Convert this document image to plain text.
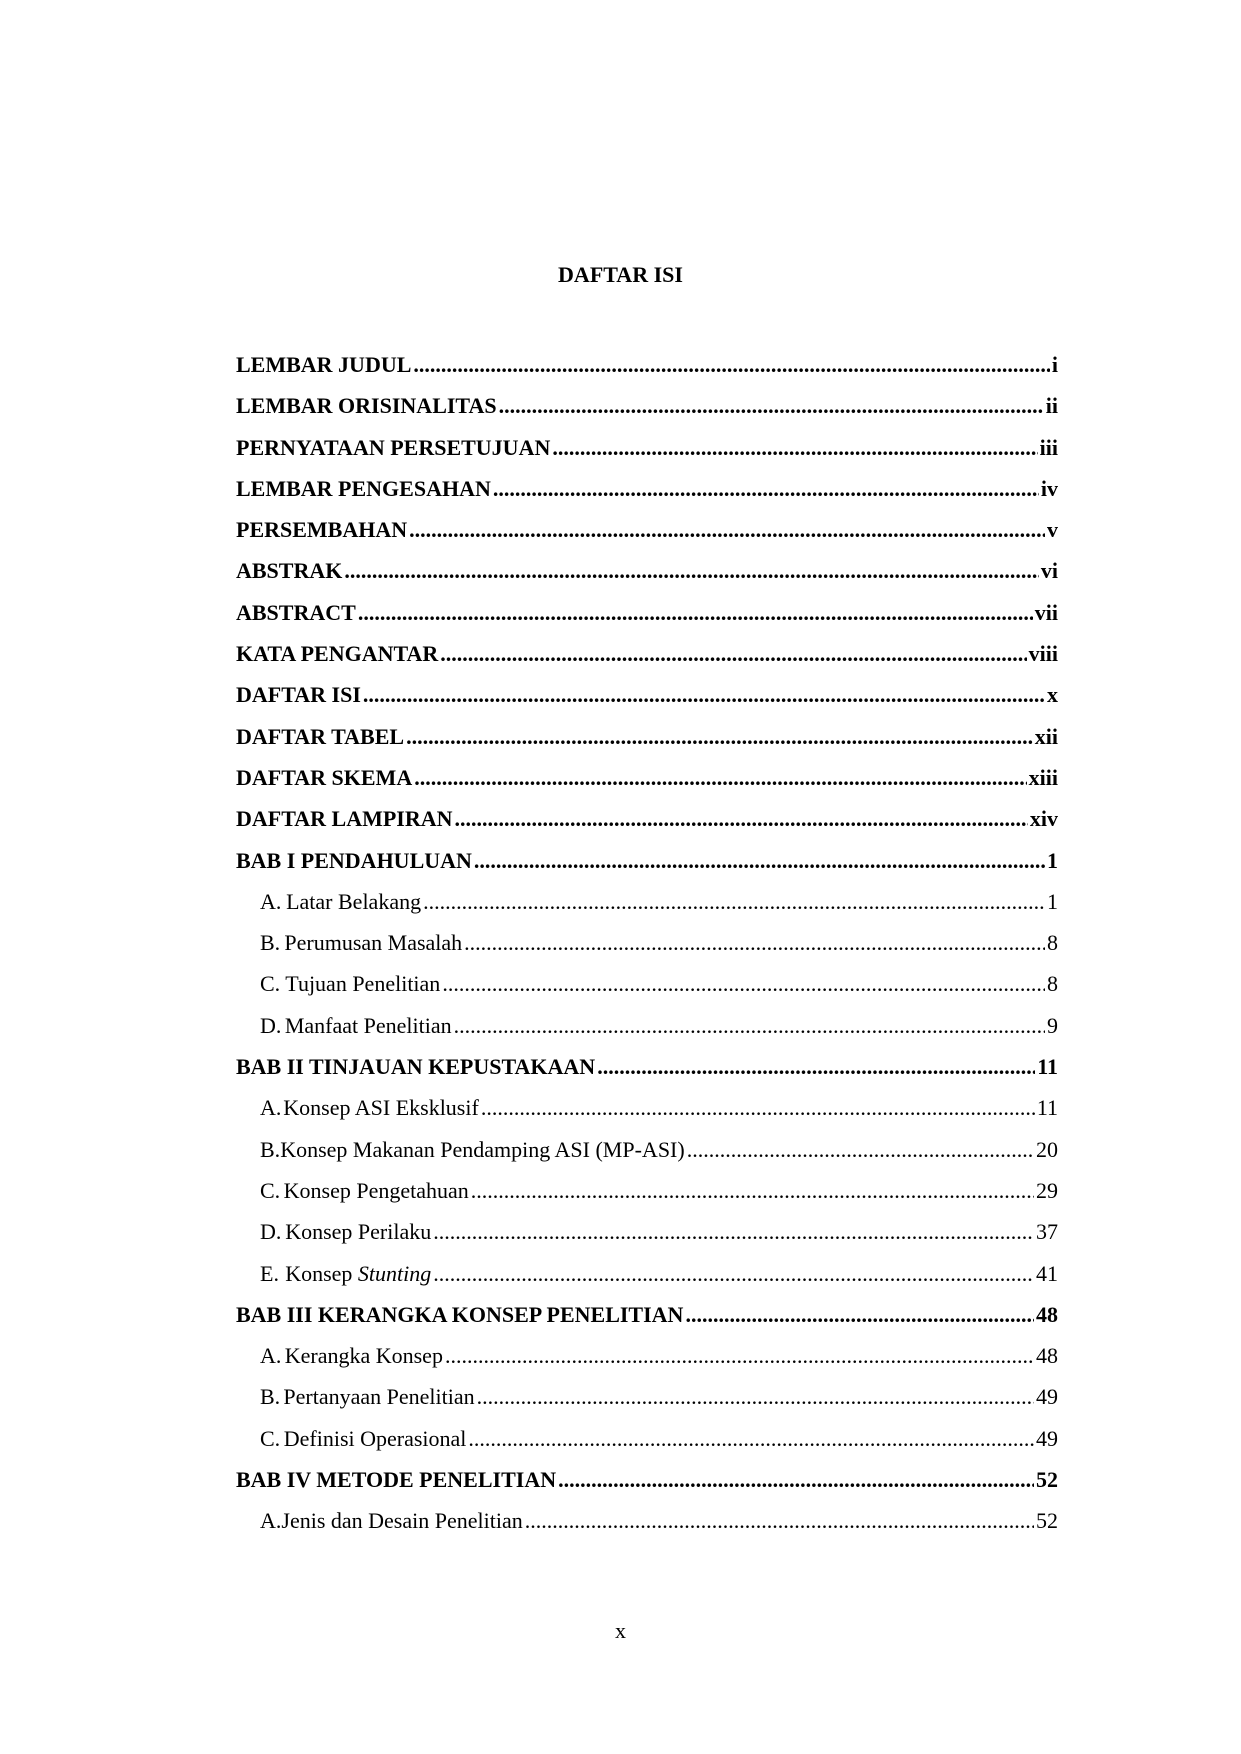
DAFTAR ISI
LEMBAR JUDUL .....	i
LEMBAR ORISINALITAS .....	ii
PERNYATAAN PERSETUJUAN .....	iii
LEMBAR PENGESAHAN .....	iv
PERSEMBAHAN .....	v
ABSTRAK .....	vi
ABSTRACT .....	vii
KATA PENGANTAR .....	viii
DAFTAR ISI .....	x
DAFTAR TABEL .....	xii
DAFTAR SKEMA .....	xiii
DAFTAR LAMPIRAN .....	xiv
BAB I PENDAHULUAN .....	1
A. Latar Belakang .....	1
B. Perumusan Masalah .....	8
C. Tujuan Penelitian .....	8
D. Manfaat Penelitian .....	9
BAB II TINJAUAN KEPUSTAKAAN .....	11
A. Konsep ASI Eksklusif .....	11
B. Konsep Makanan Pendamping ASI (MP-ASI) .....	20
C. Konsep Pengetahuan .....	29
D. Konsep Perilaku .....	37
E. Konsep Stunting .....	41
BAB III KERANGKA KONSEP PENELITIAN .....	48
A. Kerangka Konsep .....	48
B. Pertanyaan Penelitian .....	49
C. Definisi Operasional .....	49
BAB IV METODE PENELITIAN .....	52
A. Jenis dan Desain Penelitian .....	52
x
